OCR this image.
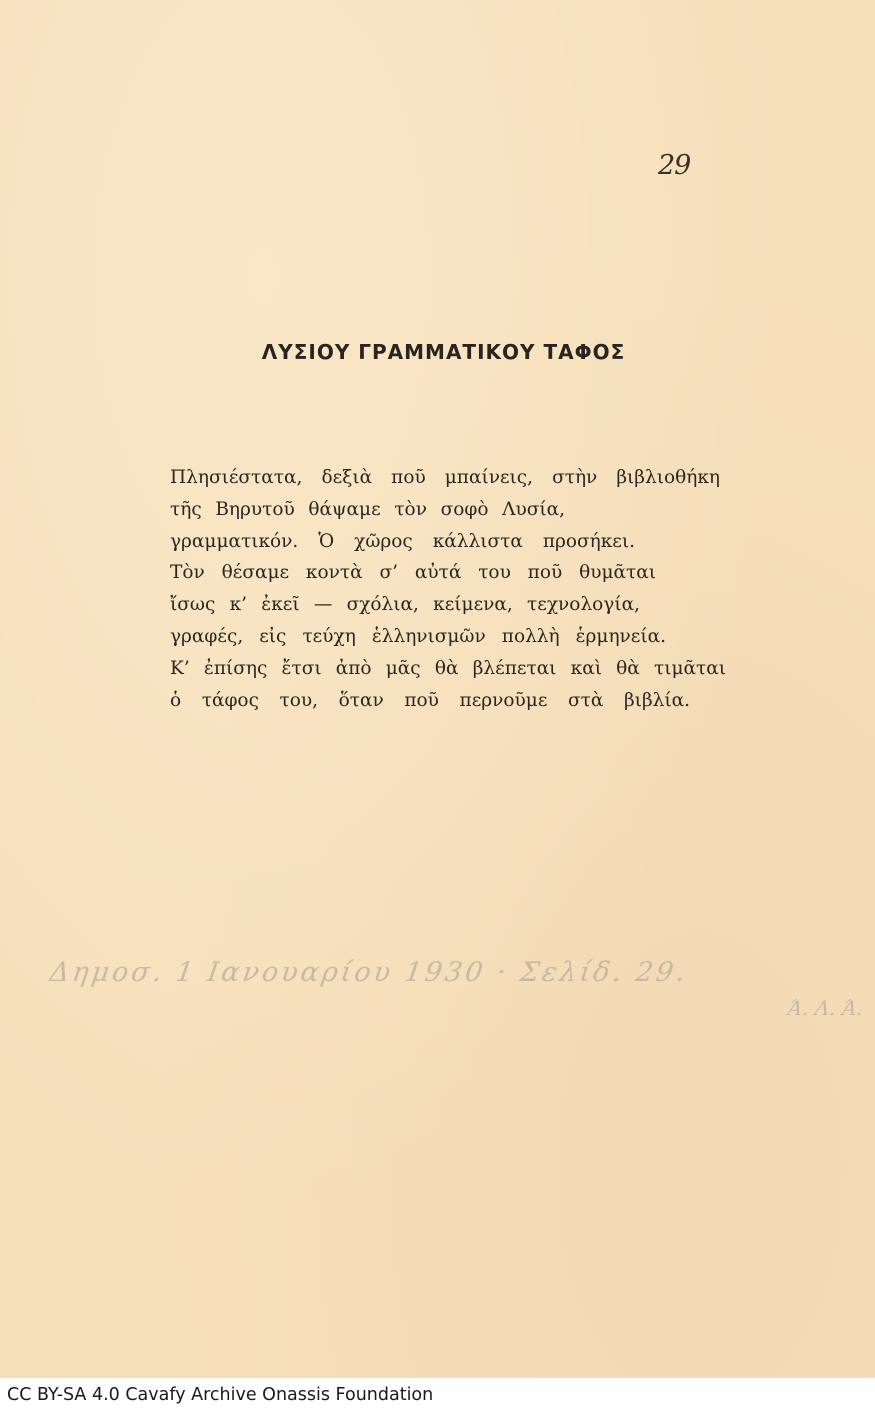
29
ΛΥΣΙΟΥ ΓΡΑΜΜΑΤΙΚΟΥ ΤΑΦΟΣ
Πλησιέστατα, δεξιὰ ποῦ μπαίνεις, στὴν βιβλιοθήκη
τῆς Βηρυτοῦ θάψαμε τὸν σοφὸ Λυσία,
γραμματικόν. Ὁ χῶρος κάλλιστα προσήκει.
Τὸν θέσαμε κοντὰ σ’ αὐτά του ποῦ θυμᾶται
ἴσως κ’ ἐκεῖ — σχόλια, κείμενα, τεχνολογία,
γραφές, εἰς τεύχη ἑλληνισμῶν πολλὴ ἑρμηνεία.
Κ’ ἐπίσης ἔτσι ἀπὸ μᾶς θὰ βλέπεται καὶ θὰ τιμᾶται
ὁ τάφος του, ὅταν ποῦ περνοῦμε στὰ βιβλία.
Δημοσ. 1 Ιανουαρίου 1930 · Σελίδ. 29.
Ά. Λ. Ά.
CC BY-SA 4.0 Cavafy Archive Onassis Foundation
